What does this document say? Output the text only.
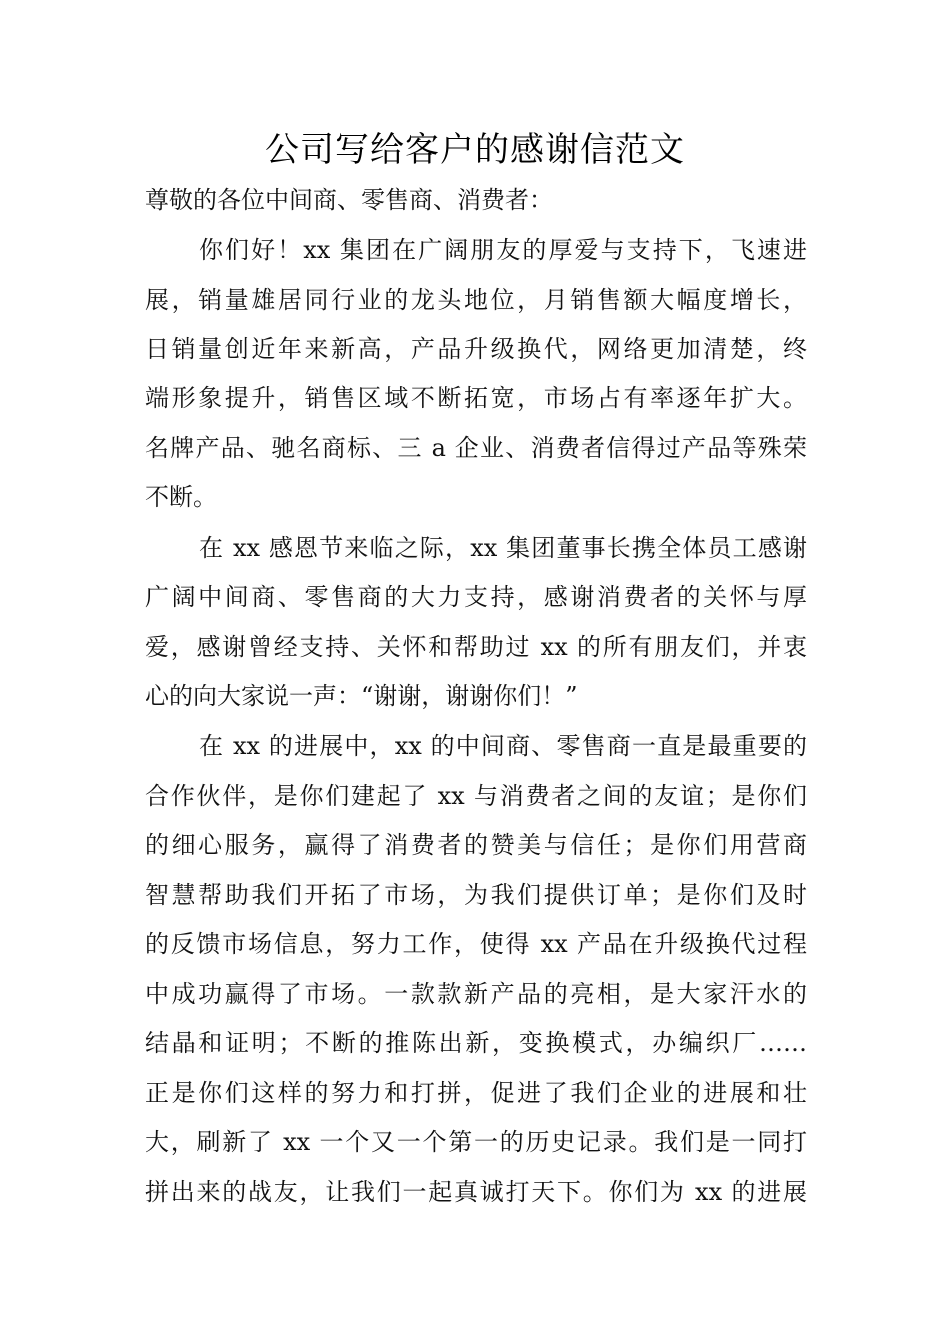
公司写给客户的感谢信范文
尊敬的各位中间商、零售商、消费者：
你们好！xx 集团在广阔朋友的厚爱与支持下，飞速进
展，销量雄居同行业的龙头地位，月销售额大幅度增长，
日销量创近年来新高，产品升级换代，网络更加清楚，终
端形象提升，销售区域不断拓宽，市场占有率逐年扩大。
名牌产品、驰名商标、三 a 企业、消费者信得过产品等殊荣
不断。
在 xx 感恩节来临之际，xx 集团董事长携全体员工感谢
广阔中间商、零售商的大力支持，感谢消费者的关怀与厚
爱，感谢曾经支持、关怀和帮助过 xx 的所有朋友们，并衷
心的向大家说一声：“谢谢，谢谢你们！”
在 xx 的进展中，xx 的中间商、零售商一直是最重要的
合作伙伴，是你们建起了 xx 与消费者之间的友谊；是你们
的细心服务，赢得了消费者的赞美与信任；是你们用营商
智慧帮助我们开拓了市场，为我们提供订单；是你们及时
的反馈市场信息，努力工作，使得 xx 产品在升级换代过程
中成功赢得了市场。一款款新产品的亮相，是大家汗水的
结晶和证明；不断的推陈出新，变换模式，办编织厂……
正是你们这样的努力和打拼，促进了我们企业的进展和壮
大，刷新了 xx 一个又一个第一的历史记录。我们是一同打
拼出来的战友，让我们一起真诚打天下。你们为 xx 的进展
